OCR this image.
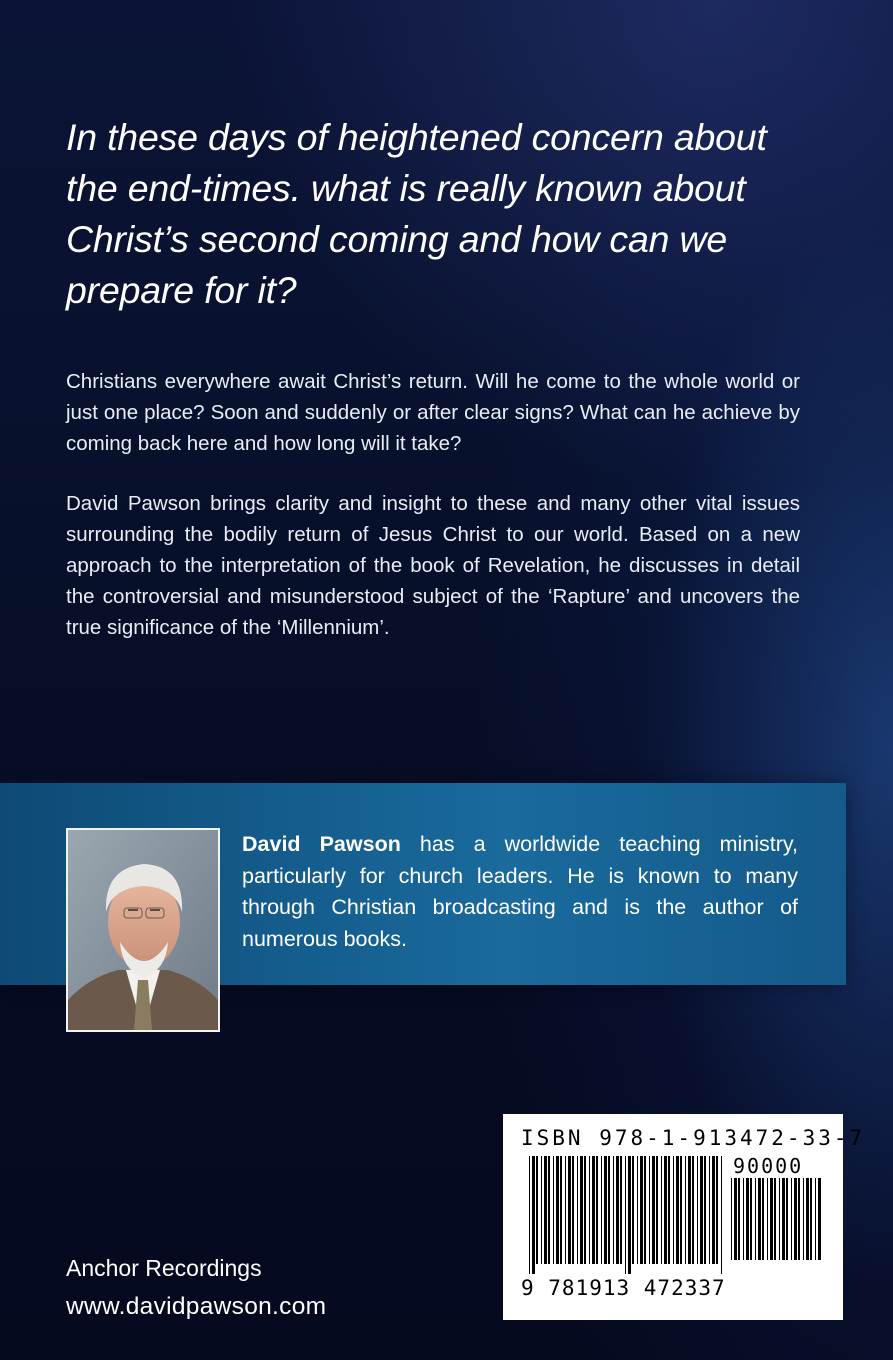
In these days of heightened concern about the end-times. what is really known about Christ’s second coming and how can we prepare for it?
Christians everywhere await Christ’s return. Will he come to the whole world or just one place? Soon and suddenly or after clear signs? What can he achieve by coming back here and how long will it take?
David Pawson brings clarity and insight to these and many other vital issues surrounding the bodily return of Jesus Christ to our world. Based on a new approach to the interpretation of the book of Revelation, he discusses in detail the controversial and misunderstood subject of the ‘Rapture’ and uncovers the true significance of the ‘Millennium’.
David Pawson has a worldwide teaching ministry, particularly for church leaders. He is known to many through Christian broadcasting and is the author of numerous books.
Anchor Recordings
www.davidpawson.com
ISBN 978-1-913472-33-7
90000
9 781913 472337
